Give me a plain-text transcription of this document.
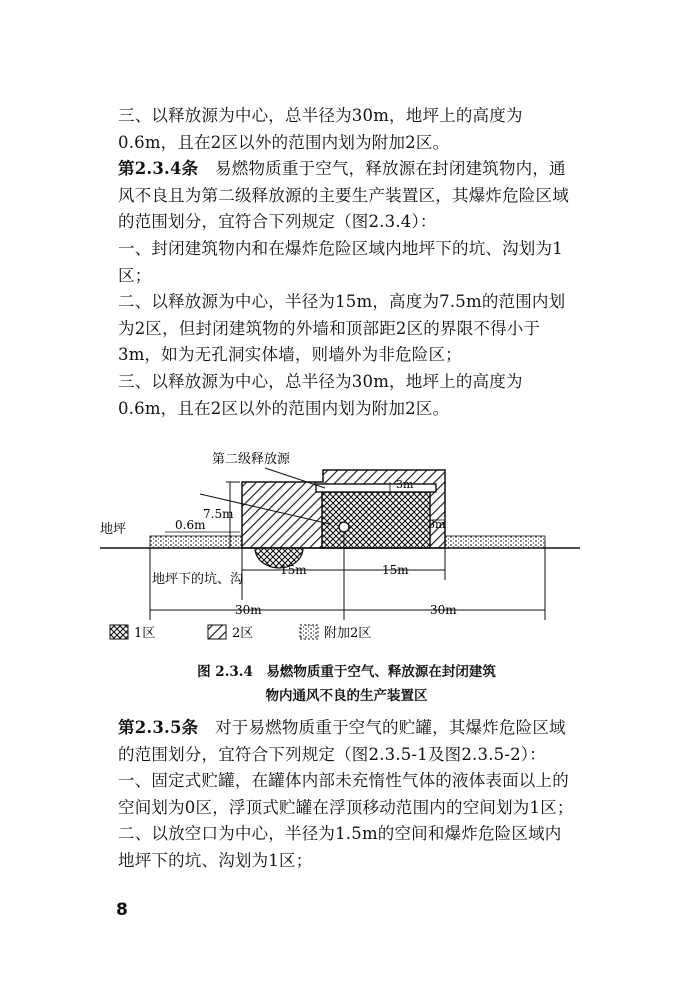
三、以释放源为中心，总半径为30m，地坪上的高度为0.6m，且在2区以外的范围内划为附加2区。

第2.3.4条　易燃物质重于空气，释放源在封闭建筑物内，通风不良且为第二级释放源的主要生产装置区，其爆炸危险区域的范围划分，宜符合下列规定（图2.3.4）：

一、封闭建筑物内和在爆炸危险区域内地坪下的坑、沟划为1区；

二、以释放源为中心，半径为15m，高度为7.5m的范围内划为2区，但封闭建筑物的外墙和顶部距2区的界限不得小于3m，如为无孔洞实体墙，则墙外为非危险区；

三、以释放源为中心，总半径为30m，地坪上的高度为0.6m，且在2区以外的范围内划为附加2区。

第二级释放源
3m
3m
7.5m
0.6m
地坪
地坪下的坑、沟
15m	15m
30m	30m
1区	2区	附加2区
图 2.3.4　易燃物质重于空气、释放源在封闭建筑
物内通风不良的生产装置区

第2.3.5条　对于易燃物质重于空气的贮罐，其爆炸危险区域的范围划分，宜符合下列规定（图2.3.5-1及图2.3.5-2）：

一、固定式贮罐，在罐体内部未充惰性气体的液体表面以上的空间划为0区，浮顶式贮罐在浮顶移动范围内的空间划为1区；

二、以放空口为中心，半径为1.5m的空间和爆炸危险区域内地坪下的坑、沟划为1区；

8
